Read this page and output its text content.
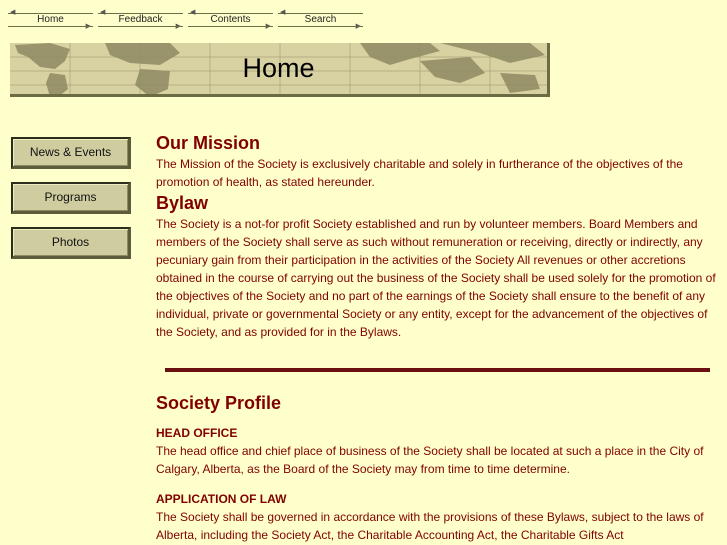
◀
Home
▶
◀
Feedback
▶
◀
Contents
▶
◀
Search
▶
Home
News & Events
Programs
Photos
Our Mission
The Mission of the Society is exclusively charitable and solely in furtherance of the objectives of the promotion of health, as stated hereunder.
Bylaw
The Society is a not-for profit Society established and run by volunteer members. Board Members and members of the Society shall serve as such without remuneration or receiving, directly or indirectly, any pecuniary gain from their participation in the activities of the Society All revenues or other accretions obtained in the course of carrying out the business of the Society shall be used solely for the promotion of the objectives of the Society and no part of the earnings of the Society shall ensure to the benefit of any individual, private or governmental Society or any entity, except for the advancement of the objectives of the Society, and as provided for in the Bylaws.
Society Profile
HEAD OFFICE
The head office and chief place of business of the Society shall be located at such a place in the City of Calgary, Alberta, as the Board of the Society may from time to time determine.
APPLICATION OF LAW
The Society shall be governed in accordance with the provisions of these Bylaws, subject to the laws of Alberta, including the Society Act, the Charitable Accounting Act, the Charitable Gifts Act
